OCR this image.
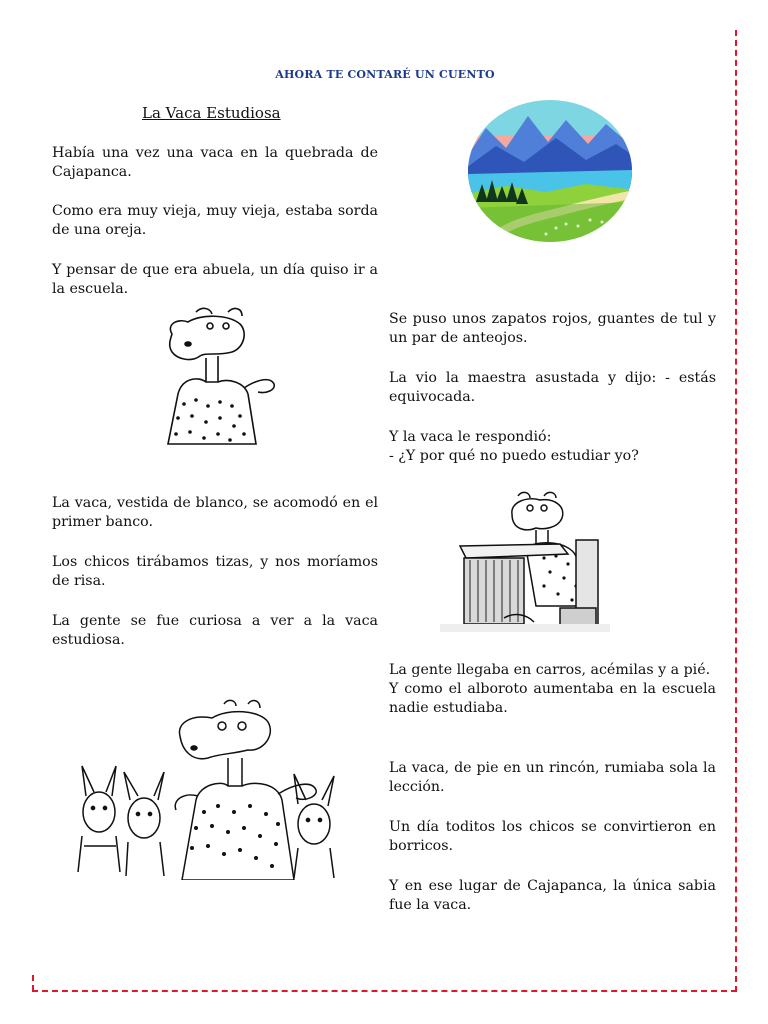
AHORA TE CONTARÉ UN CUENTO
La Vaca Estudiosa

Había una vez una vaca en la quebrada de Cajapanca.

Como era muy vieja, muy vieja, estaba sorda de una oreja.

Y pensar de que era abuela, un día quiso ir a la escuela.

La vaca, vestida de blanco, se acomodó en el primer banco.

Los chicos tirábamos tizas, y nos moríamos de risa.

La gente se fue curiosa a ver a la vaca estudiosa.

Se puso unos zapatos rojos, guantes de tul y un par de anteojos.

La vio la maestra asustada y dijo: - estás equivocada.

Y la vaca le respondió:
- ¿Y por qué no puedo estudiar yo?
La gente llegaba en carros, acémilas y a pié.
Y como el alboroto aumentaba en la escuela nadie estudiaba.

La vaca, de pie en un rincón, rumiaba sola la lección.

Un día toditos los chicos se convirtieron en borricos.

Y en ese lugar de Cajapanca, la única sabia fue la vaca.
